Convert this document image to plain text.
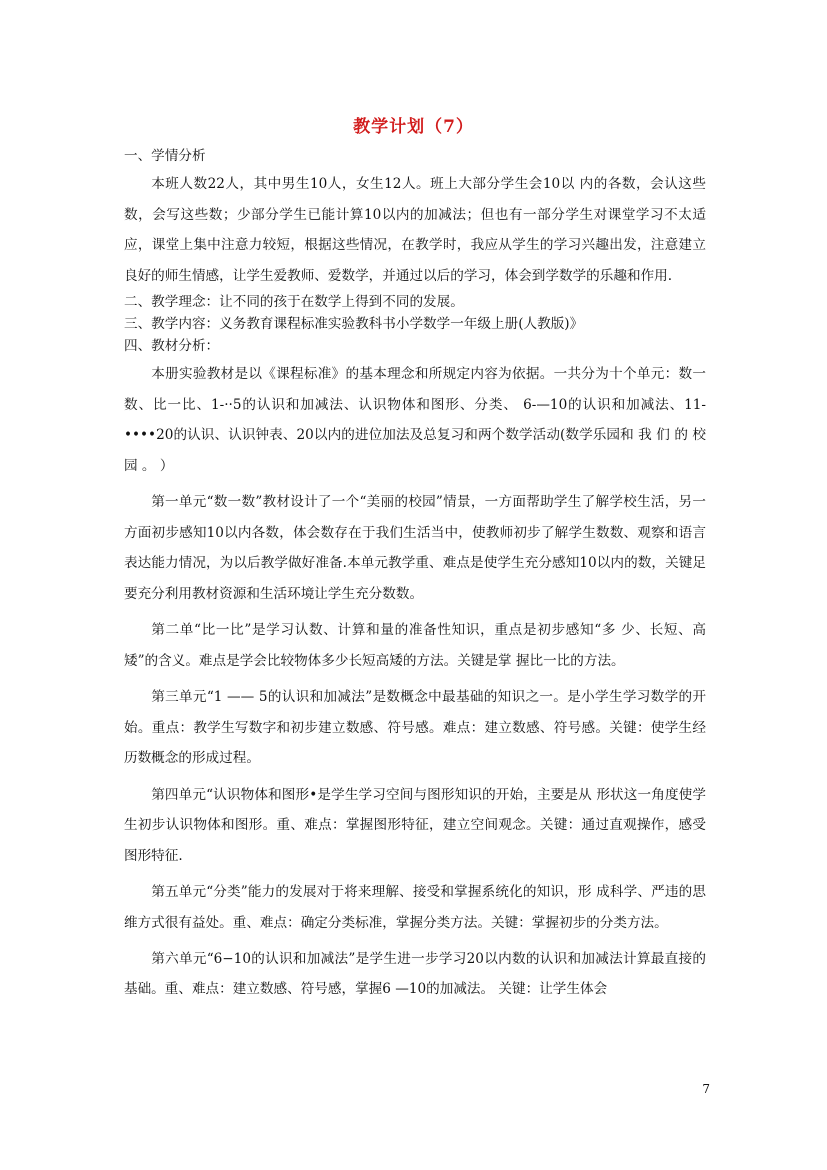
教学计划（7）
一、学情分析
本班人数22人，其中男生10人，女生12人。班上大部分学生会10以 内的各数，会认这些数，会写这些数；少部分学生已能计算10以内的加减法；但也有一部分学生对课堂学习不太适应，课堂上集中注意力较短，根据这些情况，在教学时，我应从学生的学习兴趣出发，注意建立良好的师生情感，让学生爱教师、爱数学，并通过以后的学习，体会到学数学的乐趣和作用.
二、教学理念：让不同的孩于在数学上得到不同的发展。
三、教学内容：义务教育课程标准实验教科书小学数学一年级上册(人教版)》
四、教材分析：
本册实验教材是以《课程标准》的基本理念和所规定内容为依据。一共分为十个单元：数一数、比一比、1-··5的认识和加减法、认识物体和图形、分类、 6-—10的认识和加减法、11-••••20的认识、认识钟表、20以内的进位加法及总复习和两个数学活动(数学乐园和 我 们 的 校 园 。 ）
第一单元“数一数”教材设计了一个“美丽的校园”情景，一方面帮助学生了解学校生活，另一方面初步感知10以内各数，体会数存在于我们生活当中，使教师初步了解学生数数、观察和语言表达能力情况，为以后教学做好准备.本单元教学重、难点是使学生充分感知10以内的数，关键足要充分利用教材资源和生活环境让学生充分数数。
第二单“比一比”是学习认数、计算和量的准备性知识，重点是初步感知“多 少、长短、高矮”的含义。难点是学会比较物体多少长短高矮的方法。关键是掌 握比一比的方法。
第三单元“1 —— 5的认识和加减法”是数概念中最基础的知识之一。是小学生学习数学的开始。重点：教学生写数字和初步建立数感、符号感。难点：建立数感、符号感。关键：使学生经历数概念的形成过程。
第四单元“认识物体和图形•是学生学习空间与图形知识的开始，主要是从 形状这一角度使学生初步认识物体和图形。重、难点：掌握图形特征，建立空间观念。关键：通过直观操作，感受图形特征.
第五单元“分类”能力的发展对于将来理解、接受和掌握系统化的知识，形 成科学、严违的思维方式很有益处。重、难点：确定分类标准，掌握分类方法。关键：掌握初步的分类方法。
第六单元“6−10的认识和加减法”是学生进一步学习20以内数的认识和加减法计算最直接的基础。重、难点：建立数感、符号感，掌握6 —10的加减法。 关键：让学生体会
7
